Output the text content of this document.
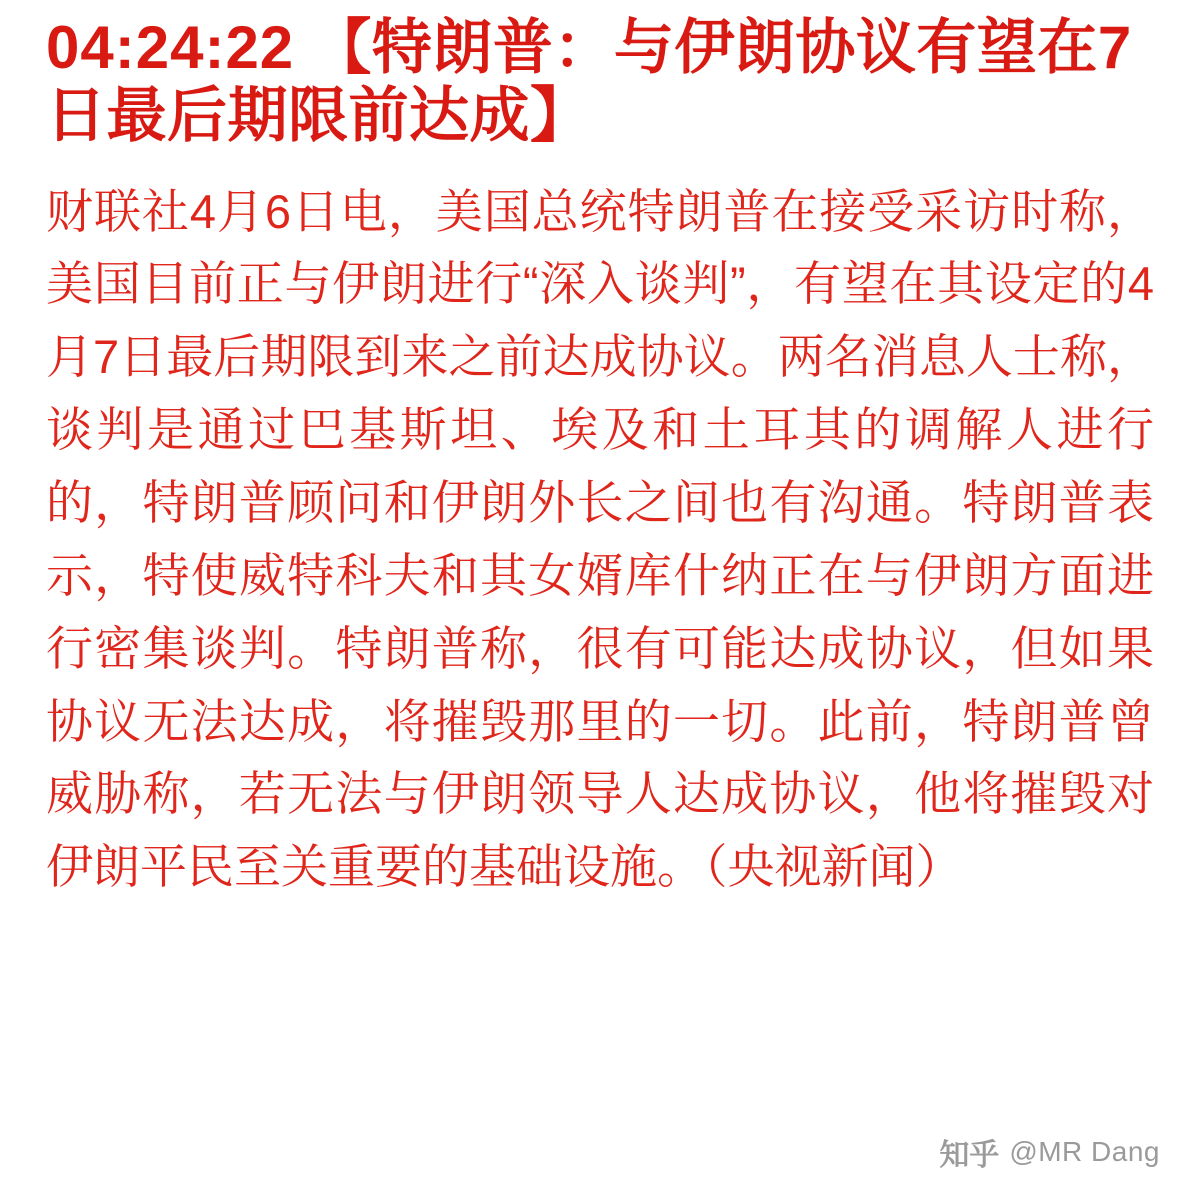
04:24:22 【特朗普：与伊朗协议有望在7日最后期限前达成】

财联社4月6日电，美国总统特朗普在接受采访时称，美国目前正与伊朗进行“深入谈判”，有望在其设定的4月7日最后期限到来之前达成协议。两名消息人士称，谈判是通过巴基斯坦、埃及和土耳其的调解人进行的，特朗普顾问和伊朗外长之间也有沟通。特朗普表示，特使威特科夫和其女婿库什纳正在与伊朗方面进行密集谈判。特朗普称，很有可能达成协议，但如果协议无法达成，将摧毁那里的一切。此前，特朗普曾威胁称，若无法与伊朗领导人达成协议，他将摧毁对伊朗平民至关重要的基础设施。（央视新闻）

知乎 @MR Dang
